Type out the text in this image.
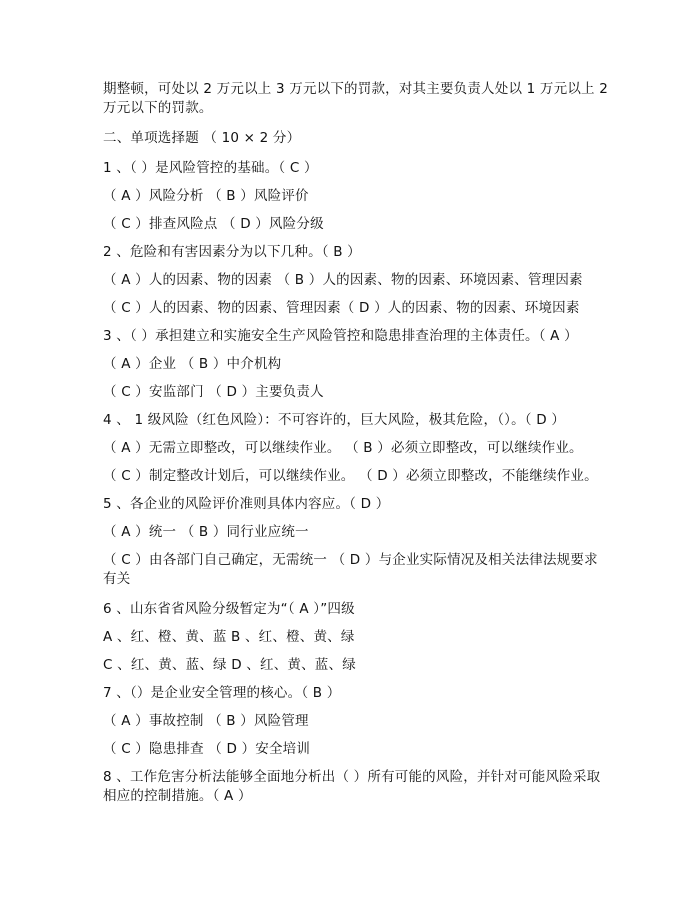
期整顿，可处以 2 万元以上 3 万元以下的罚款，对其主要负责人处以 1 万元以上 2

万元以下的罚款。

二、单项选择题 （ 10 × 2 分）

1 、（ ）是风险管控的基础。（ C ）

（ A ）风险分析 （ B ）风险评价

（ C ）排查风险点 （ D ）风险分级

2 、危险和有害因素分为以下几种。（ B ）

（ A ）人的因素、物的因素 （ B ）人的因素、物的因素、环境因素、管理因素

（ C ）人的因素、物的因素、管理因素（ D ）人的因素、物的因素、环境因素

3 、（ ）承担建立和实施安全生产风险管控和隐患排查治理的主体责任。（ A ）

（ A ）企业 （ B ）中介机构

（ C ）安监部门 （ D ）主要负责人

4 、 1 级风险（红色风险）：不可容许的，巨大风险，极其危险，（）。（ D ）

（ A ）无需立即整改，可以继续作业。 （ B ）必须立即整改，可以继续作业。

（ C ）制定整改计划后，可以继续作业。 （ D ）必须立即整改，不能继续作业。

5 、各企业的风险评价准则具体内容应。（ D ）

（ A ）统一 （ B ）同行业应统一

（ C ）由各部门自己确定，无需统一 （ D ）与企业实际情况及相关法律法规要求有关

6 、山东省省风险分级暂定为“（ A ）”四级

A 、红、橙、黄、蓝 B 、红、橙、黄、绿

C 、红、黄、蓝、绿 D 、红、黄、蓝、绿

7 、（）是企业安全管理的核心。（ B ）

（ A ）事故控制 （ B ）风险管理

（ C ）隐患排查 （ D ）安全培训

8 、工作危害分析法能够全面地分析出（ ）所有可能的风险，并针对可能风险采取相应的控制措施。（ A ）
